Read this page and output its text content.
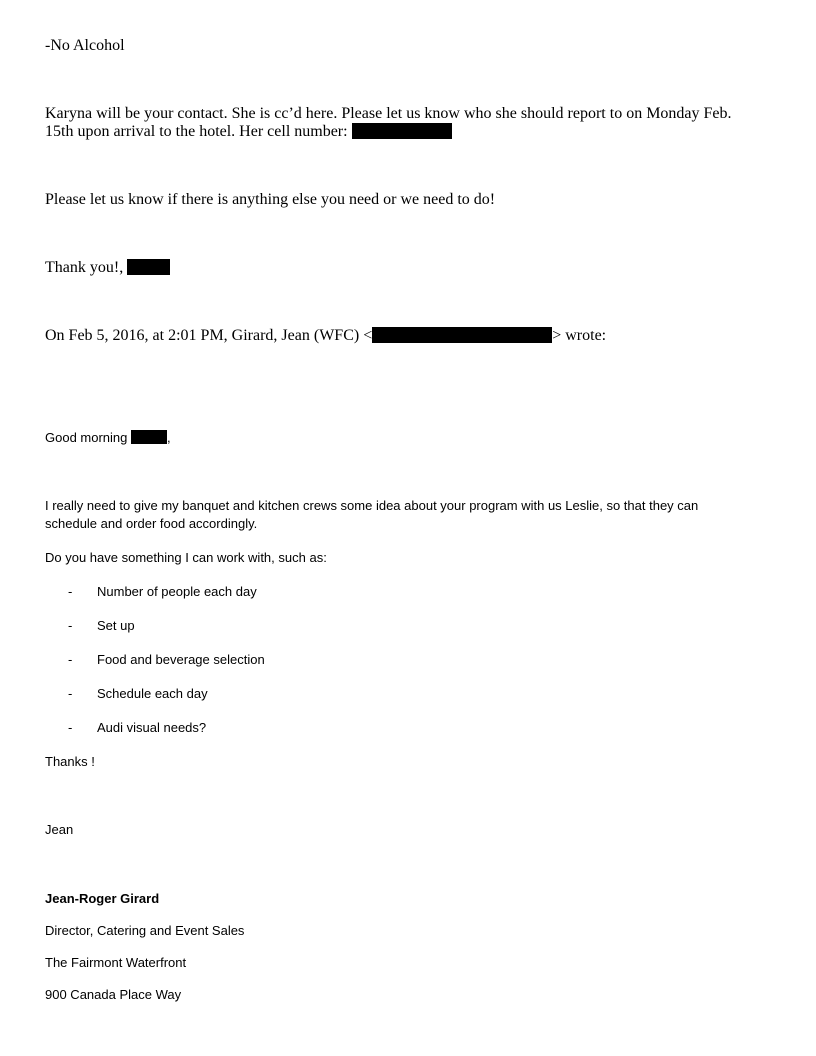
-No Alcohol
Karyna will be your contact. She is cc’d here. Please let us know who she should report to on Monday Feb.
15th upon arrival to the hotel. Her cell number:
Please let us know if there is anything else you need or we need to do!
Thank you!,
On Feb 5, 2016, at 2:01 PM, Girard, Jean (WFC) <	> wrote:
Good morning	,
I really need to give my banquet and kitchen crews some idea about your program with us Leslie, so that they can
schedule and order food accordingly.
Do you have something I can work with, such as:
- Number of people each day
- Set up
- Food and beverage selection
- Schedule each day
- Audi visual needs?
Thanks !
Jean
Jean-Roger Girard
Director, Catering and Event Sales
The Fairmont Waterfront
900 Canada Place Way
